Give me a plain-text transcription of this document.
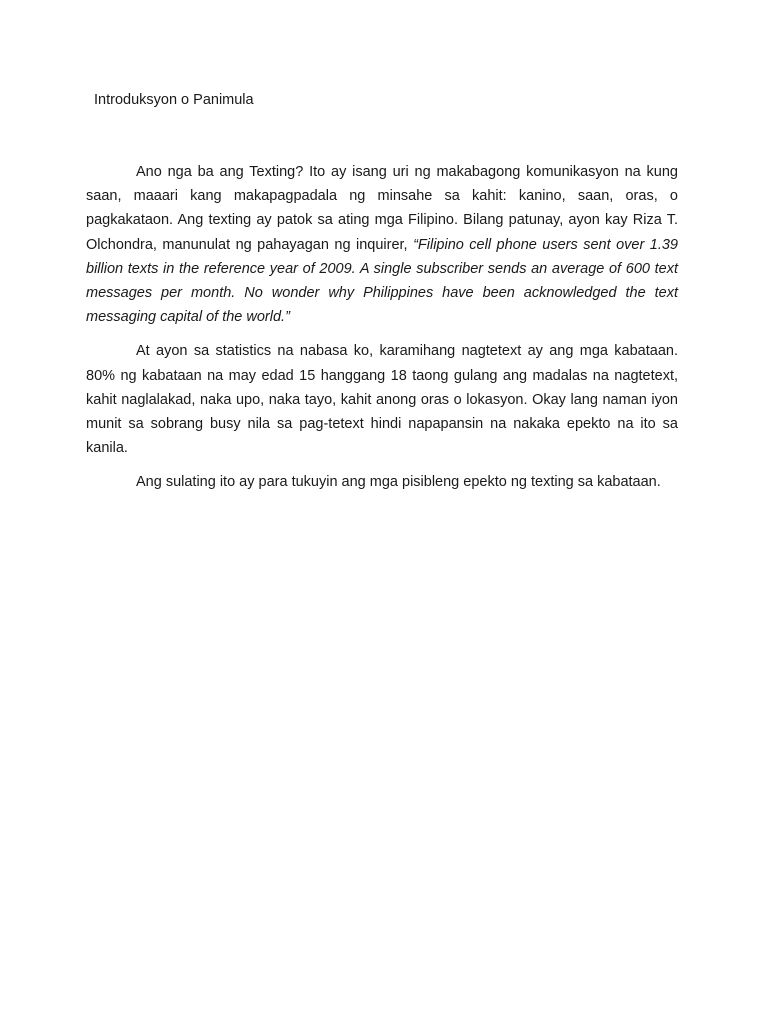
Introduksyon o Panimula

Ano nga ba ang Texting? Ito ay isang uri ng makabagong komunikasyon na kung saan, maaari kang makapagpadala ng minsahe sa kahit: kanino, saan, oras, o pagkakataon. Ang texting ay patok sa ating mga Filipino. Bilang patunay, ayon kay Riza T. Olchondra, manunulat ng pahayagan ng inquirer, “Filipino cell phone users sent over 1.39 billion texts in the reference year of 2009. A single subscriber sends an average of 600 text messages per month. No wonder why Philippines have been acknowledged the text messaging capital of the world.”

At ayon sa statistics na nabasa ko, karamihang nagtetext ay ang mga kabataan. 80% ng kabataan na may edad 15 hanggang 18 taong gulang ang madalas na nagtetext, kahit naglalakad, naka upo, naka tayo, kahit anong oras o lokasyon. Okay lang naman iyon munit sa sobrang busy nila sa pag-tetext hindi napapansin na nakaka epekto na ito sa kanila.

Ang sulating ito ay para tukuyin ang mga pisibleng epekto ng texting sa kabataan.
